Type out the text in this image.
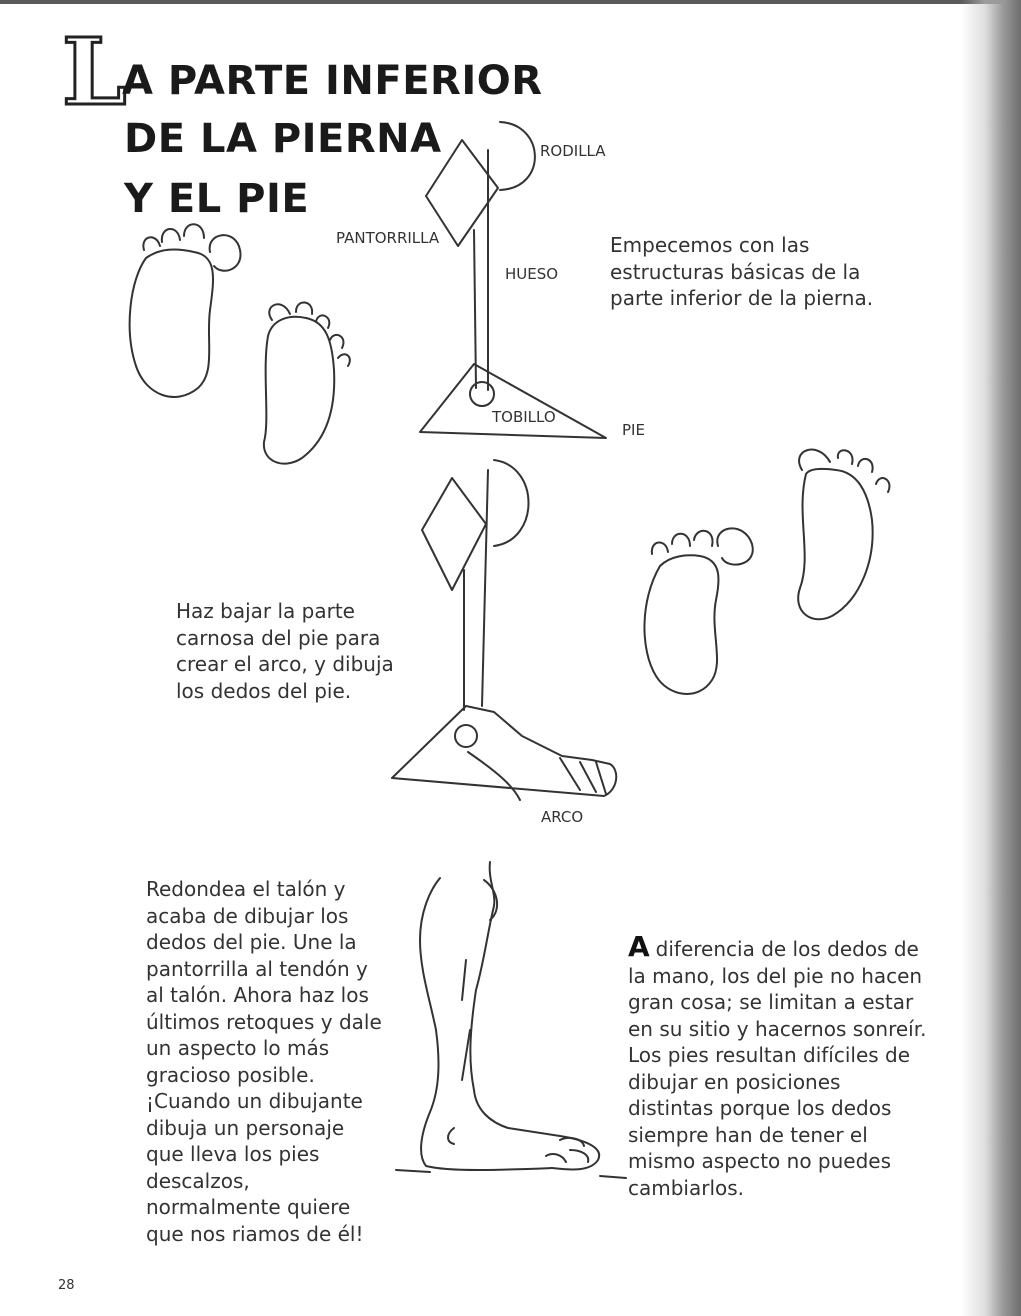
L
A PARTE INFERIOR
DE LA PIERNA
Y EL PIE
RODILLA
PANTORRILLA
HUESO
TOBILLO
PIE
ARCO
Empecemos con las estructuras básicas de la parte inferior de la pierna.
Haz bajar la parte carnosa del pie para crear el arco, y dibuja los dedos del pie.
Redondea el talón y acaba de dibujar los dedos del pie. Une la pantorrilla al tendón y al talón. Ahora haz los últimos retoques y dale un aspecto lo más gracioso posible. ¡Cuando un dibujante dibuja un personaje que lleva los pies descalzos, normalmente quiere que nos riamos de él!
A diferencia de los dedos de la mano, los del pie no hacen gran cosa; se limitan a estar en su sitio y hacernos sonreír. Los pies resultan difíciles de dibujar en posiciones distintas porque los dedos siempre han de tener el mismo aspecto no puedes cambiarlos.
28
